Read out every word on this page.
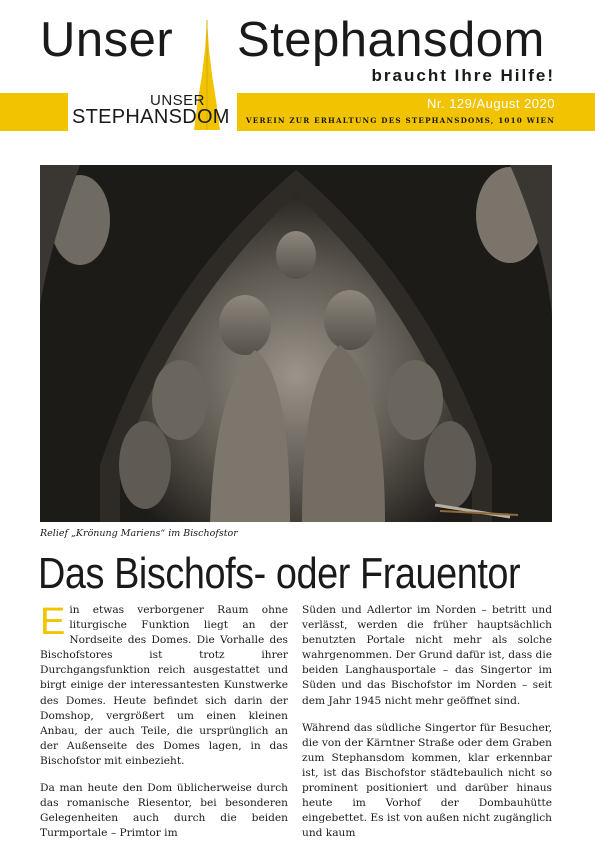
Unser Stephansdom
braucht Ihre Hilfe!
UNSER
STEPHANSDOM
Nr. 129/August 2020
VEREIN ZUR ERHALTUNG DES STEPHANSDOMS, 1010 WIEN
Relief „Krönung Mariens“ im Bischofstor
Das Bischofs- oder Frauentor

Ein etwas verborgener Raum ohne liturgische Funktion liegt an der Nordseite des Domes. Die Vorhalle des Bischofstores ist trotz ihrer Durchgangsfunktion reich ausgestattet und birgt einige der interessantesten Kunstwerke des Domes. Heute befindet sich darin der Domshop, vergrößert um einen kleinen Anbau, der auch Teile, die ursprünglich an der Außenseite des Domes lagen, in das Bischofstor mit einbezieht.

Da man heute den Dom üblicherweise durch das romanische Riesentor, bei besonderen Gelegenheiten auch durch die beiden Turmportale – Primtor im

Süden und Adlertor im Norden – betritt und verlässt, werden die früher hauptsächlich benutzten Portale nicht mehr als solche wahrgenommen. Der Grund dafür ist, dass die beiden Langhausportale – das Singertor im Süden und das Bischofstor im Norden – seit dem Jahr 1945 nicht mehr geöffnet sind.

Während das südliche Singertor für Besucher, die von der Kärntner Straße oder dem Graben zum Stephansdom kommen, klar erkennbar ist, ist das Bischofstor städtebaulich nicht so prominent positioniert und darüber hinaus heute im Vorhof der Dombauhütte eingebettet. Es ist von außen nicht zugänglich und kaum
